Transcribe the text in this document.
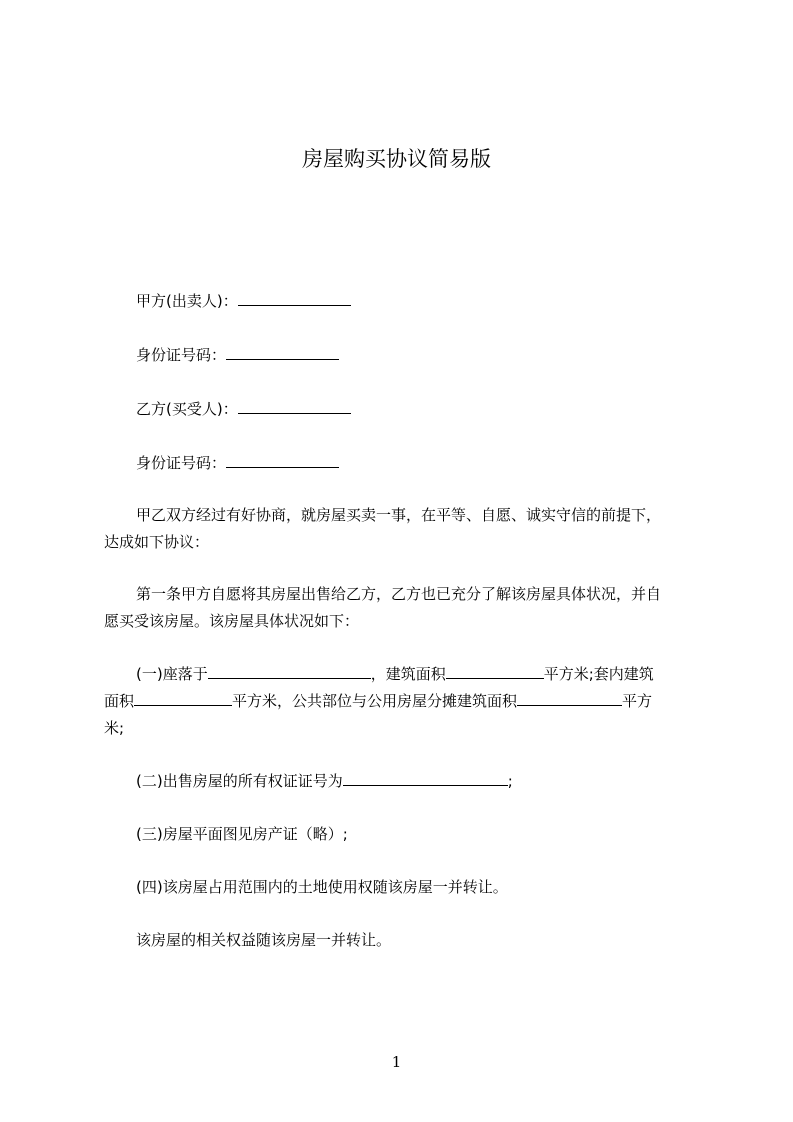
房屋购买协议简易版
甲方(出卖人)：
身份证号码：
乙方(买受人)：
身份证号码：
甲乙双方经过有好协商，就房屋买卖一事，在平等、自愿、诚实守信的前提下，
达成如下协议：
第一条甲方自愿将其房屋出售给乙方，乙方也已充分了解该房屋具体状况，并自
愿买受该房屋。该房屋具体状况如下：
(一)座落于	，建筑面积	平方米;套内建筑
面积	平方米，公共部位与公用房屋分摊建筑面积	平方
米;
(二)出售房屋的所有权证证号为	;
(三)房屋平面图见房产证（略）;
(四)该房屋占用范围内的土地使用权随该房屋一并转让。
该房屋的相关权益随该房屋一并转让。
1
